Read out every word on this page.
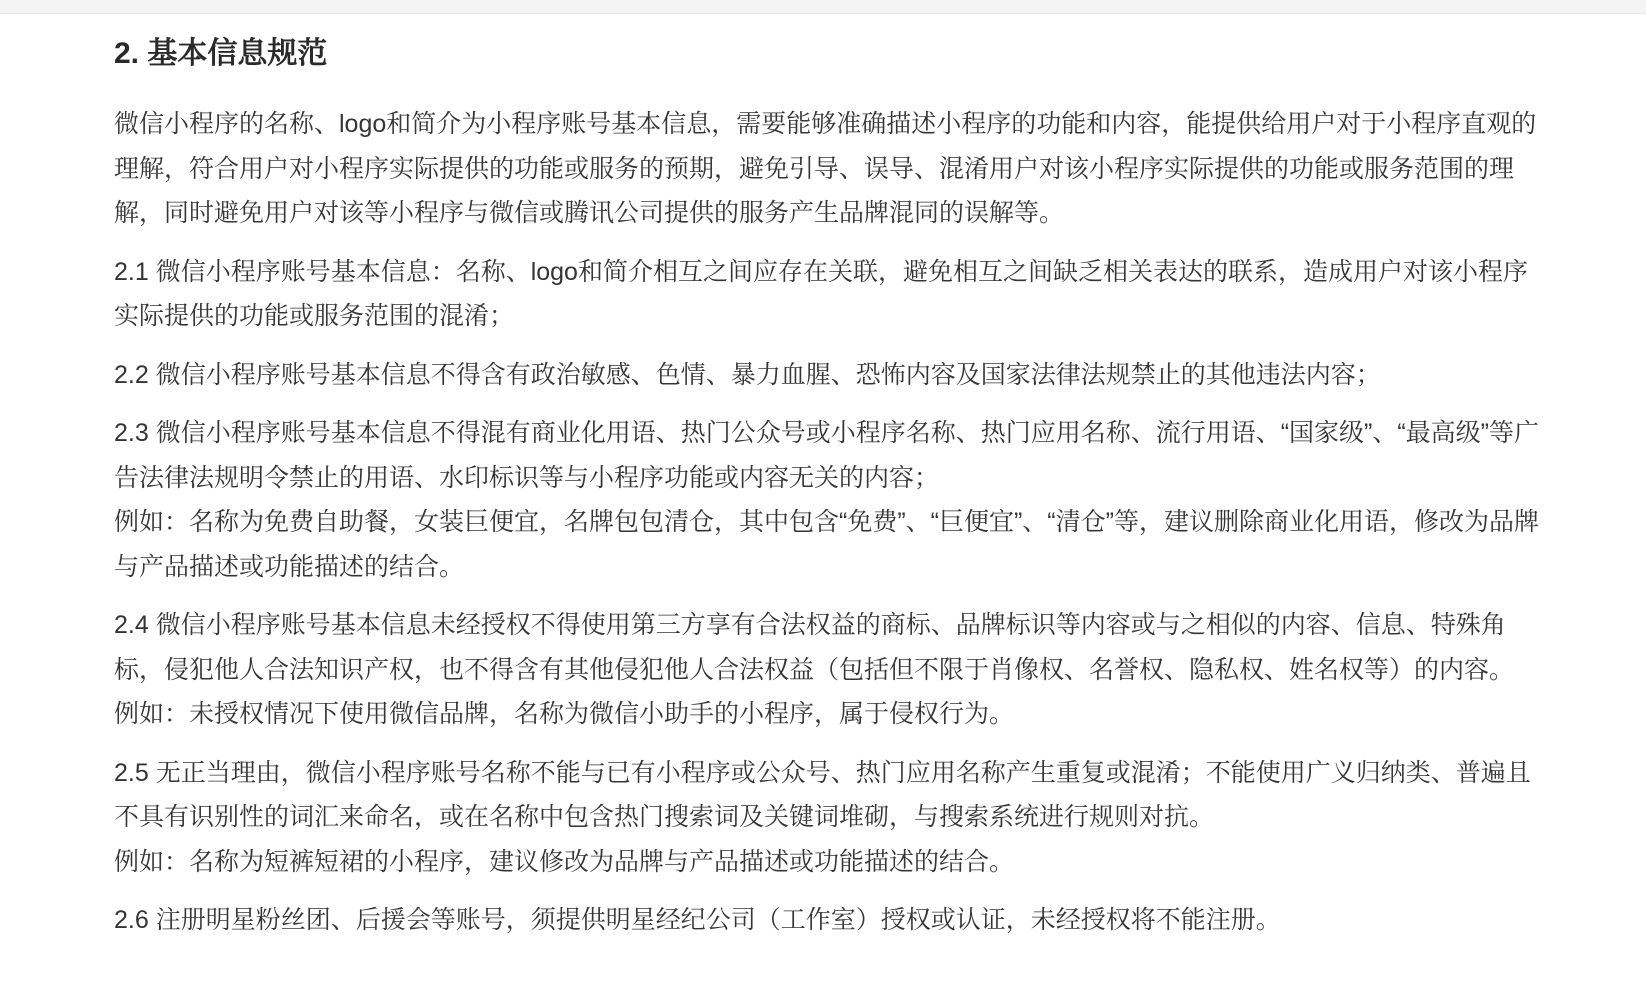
2. 基本信息规范

微信小程序的名称、logo和简介为小程序账号基本信息，需要能够准确描述小程序的功能和内容，能提供给用户对于小程序直观的理解，符合用户对小程序实际提供的功能或服务的预期，避免引导、误导、混淆用户对该小程序实际提供的功能或服务范围的理解，同时避免用户对该等小程序与微信或腾讯公司提供的服务产生品牌混同的误解等。

2.1 微信小程序账号基本信息：名称、logo和简介相互之间应存在关联，避免相互之间缺乏相关表达的联系，造成用户对该小程序实际提供的功能或服务范围的混淆；

2.2 微信小程序账号基本信息不得含有政治敏感、色情、暴力血腥、恐怖内容及国家法律法规禁止的其他违法内容；

2.3 微信小程序账号基本信息不得混有商业化用语、热门公众号或小程序名称、热门应用名称、流行用语、“国家级”、“最高级”等广告法律法规明令禁止的用语、水印标识等与小程序功能或内容无关的内容；

例如：名称为免费自助餐，女装巨便宜，名牌包包清仓，其中包含“免费”、“巨便宜”、“清仓”等，建议删除商业化用语，修改为品牌与产品描述或功能描述的结合。

2.4 微信小程序账号基本信息未经授权不得使用第三方享有合法权益的商标、品牌标识等内容或与之相似的内容、信息、特殊角标，侵犯他人合法知识产权，也不得含有其他侵犯他人合法权益（包括但不限于肖像权、名誉权、隐私权、姓名权等）的内容。

例如：未授权情况下使用微信品牌，名称为微信小助手的小程序，属于侵权行为。

2.5 无正当理由，微信小程序账号名称不能与已有小程序或公众号、热门应用名称产生重复或混淆；不能使用广义归纳类、普遍且不具有识别性的词汇来命名，或在名称中包含热门搜索词及关键词堆砌，与搜索系统进行规则对抗。

例如：名称为短裤短裙的小程序，建议修改为品牌与产品描述或功能描述的结合。

2.6 注册明星粉丝团、后援会等账号，须提供明星经纪公司（工作室）授权或认证，未经授权将不能注册。
